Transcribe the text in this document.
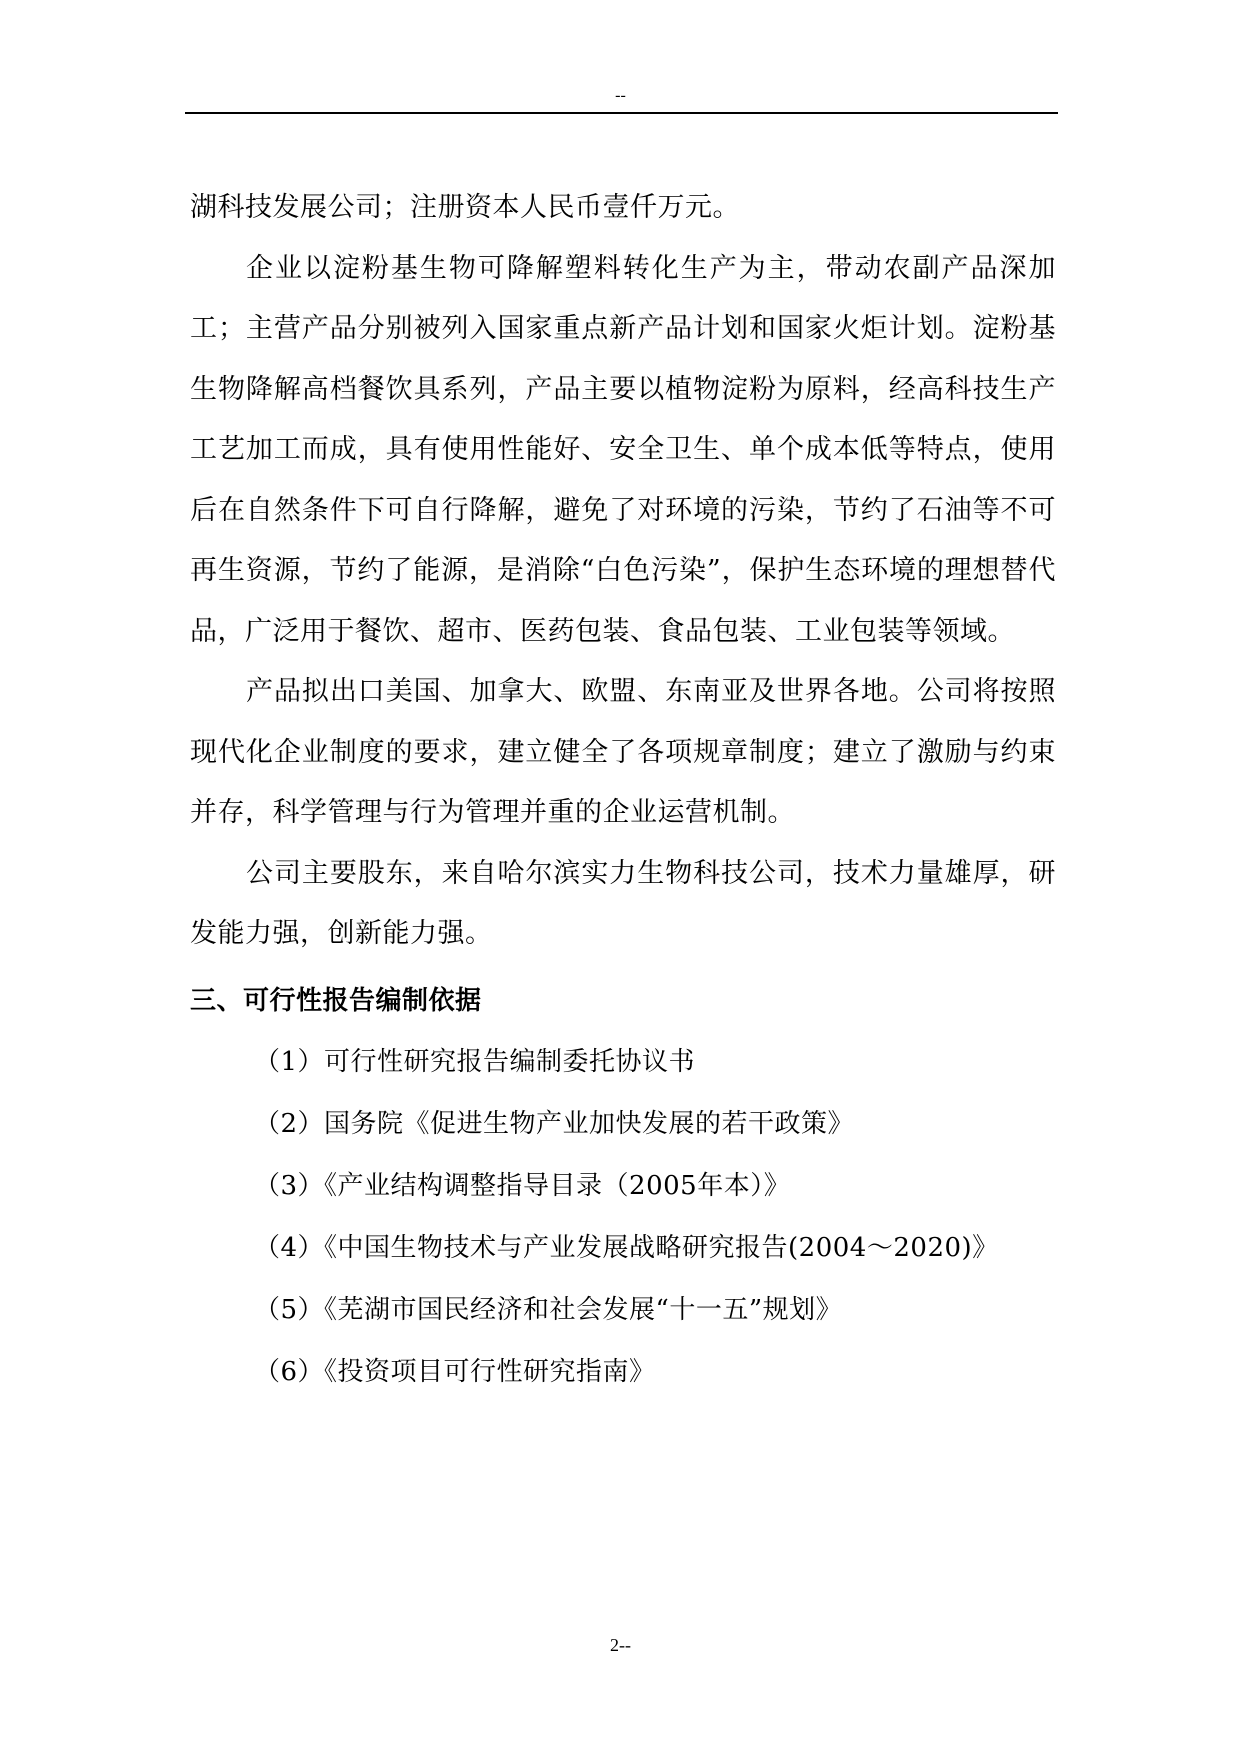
--

湖科技发展公司；注册资本人民币壹仟万元。

企业以淀粉基生物可降解塑料转化生产为主，带动农副产品深加工；主营产品分别被列入国家重点新产品计划和国家火炬计划。淀粉基生物降解高档餐饮具系列，产品主要以植物淀粉为原料，经高科技生产工艺加工而成，具有使用性能好、安全卫生、单个成本低等特点，使用后在自然条件下可自行降解，避免了对环境的污染，节约了石油等不可再生资源，节约了能源，是消除“白色污染”，保护生态环境的理想替代品，广泛用于餐饮、超市、医药包装、食品包装、工业包装等领域。

产品拟出口美国、加拿大、欧盟、东南亚及世界各地。公司将按照现代化企业制度的要求，建立健全了各项规章制度；建立了激励与约束并存，科学管理与行为管理并重的企业运营机制。

公司主要股东，来自哈尔滨实力生物科技公司，技术力量雄厚，研发能力强，创新能力强。

三、可行性报告编制依据

（1）可行性研究报告编制委托协议书

（2）国务院《促进生物产业加快发展的若干政策》

（3）《产业结构调整指导目录（2005年本）》

（4）《中国生物技术与产业发展战略研究报告(2004～2020)》

（5）《芜湖市国民经济和社会发展“十一五”规划》

（6）《投资项目可行性研究指南》

2--
